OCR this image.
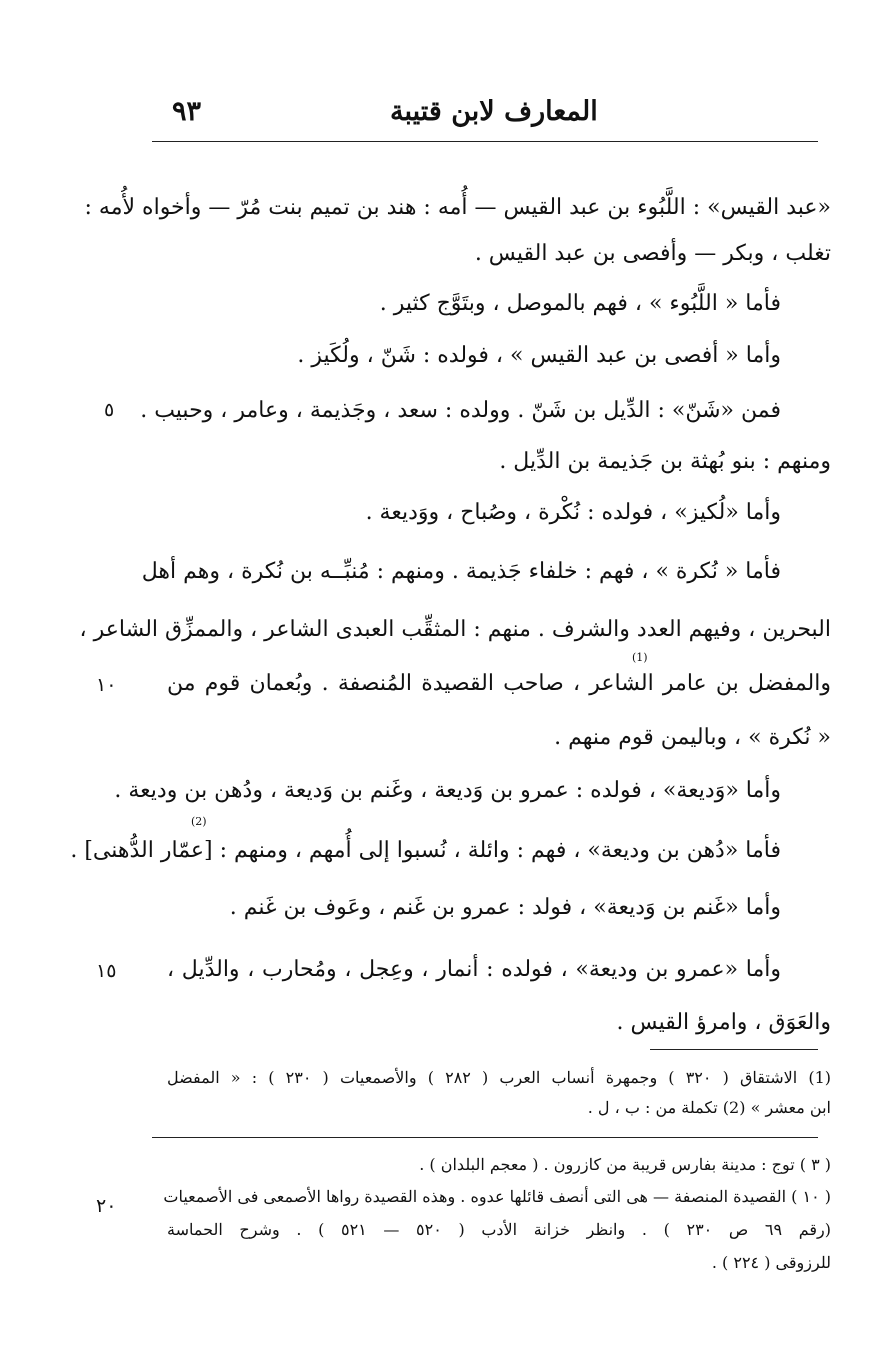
٩٣	المعارف لابن قتيبة
«عبد القيس» : اللَّبُوء بن عبد القيس — أُمه : هند بن تميم بنت مُرّ — وأخواه لأُمه :
تغلب ، وبكر — وأفصى بن عبد القيس .
فأما « اللَّبُوء » ، فهم بالموصل ، وبتَوَّج كثير .
وأما « أفصى بن عبد القيس » ، فولده : شَنّ ، ولُكَيز .
فمن «شَنّ» : الدِّيل بن شَنّ . وولده : سعد ، وجَذيمة ، وعامر ، وحبيب .
ومنهم : بنو بُهثة بن جَذيمة بن الدِّيل .
وأما «لُكيز» ، فولده : نُكْرة ، وصُباح ، ووَديعة .
فأما « نُكرة » ، فهم : خلفاء جَذيمة . ومنهم : مُنبِّــه بن نُكرة ، وهم أهل
البحرين ، وفيهم العدد والشرف . منهم : المثقِّب العبدى الشاعر ، والممزِّق الشاعر ،
والمفضل بن عامر الشاعر ، صاحب القصيدة المُنصفة . وبُعمان قوم من
« نُكرة » ، وباليمن قوم منهم .
وأما «وَديعة» ، فولده : عمرو بن وَديعة ، وغَنم بن وَديعة ، ودُهن بن وديعة .
فأما «دُهن بن وديعة» ، فهم : وائلة ، نُسبوا إلى أُمهم ، ومنهم : [عمّار الدُّهنى] .
وأما «غَنم بن وَديعة» ، فولد : عمرو بن غَنم ، وعَوف بن غَنم .
وأما «عمرو بن وديعة» ، فولده : أنمار ، وعِجل ، ومُحارب ، والدِّيل ،
والعَوَق ، وامرؤ القيس .
(1)
(2)
٥
١٠
١٥
٢٠
(1) الاشتقاق ( ٣٢٠ ) وجمهرة أنساب العرب ( ٢٨٢ ) والأصمعيات ( ٢٣٠ ) : « المفضل
ابن معشر » (2) تكملة من : ب ، ل .
( ٣ ) توج : مدينة بفارس قريبة من كازرون . ( معجم البلدان ) .
( ١٠ ) القصيدة المنصفة — هى التى أنصف قائلها عدوه . وهذه القصيدة رواها الأصمعى فى الأصمعيات
(رقم ٦٩ ص ٢٣٠ ) . وانظر خزانة الأدب ( ٥٢٠ — ٥٢١ ) . وشرح الحماسة
للرزوقى ( ٢٢٤ ) .
